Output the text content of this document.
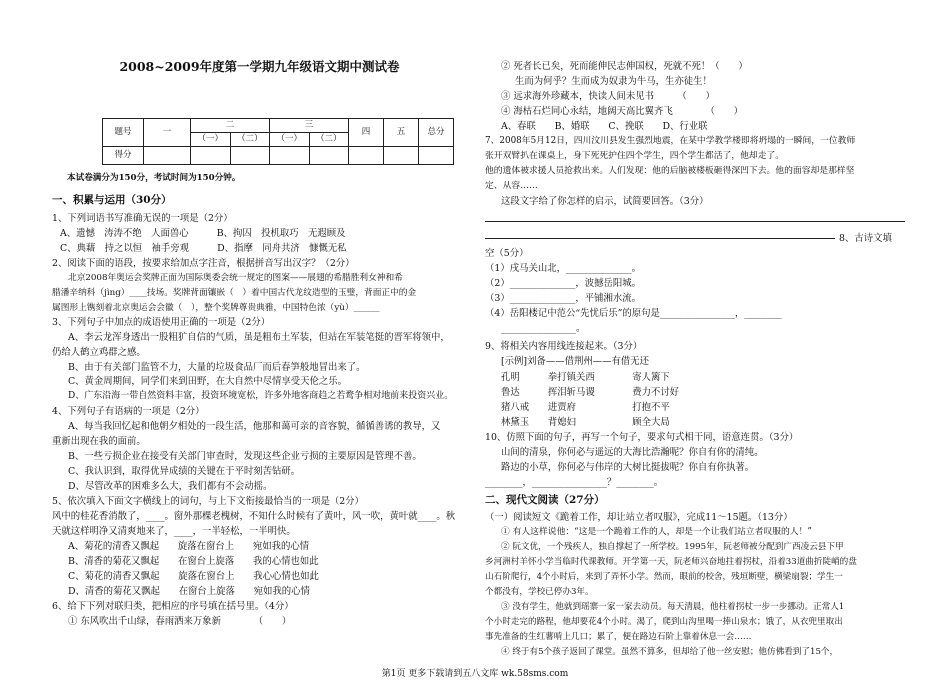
2008~2009年度第一学期九年级语文期中测试卷
题号	一	二		三		四	五	总分
		（一）	（二）	（一）	（二）			
得分								
本试卷满分为150分，考试时间为150分钟。
一、积累与运用（30分）
1、下列词语书写准确无误的一项是（2分）
A、遗憾　涛涛不绝　人面兽心　　　B、拘囚　投机取巧　无遐顾及
C、典藉　持之以恒　袖手旁观　　　D、指摩　同舟共济　慷慨无私
2、阅读下面的语段，按要求给加点字注音，根据拼音写出汉字？（2分）
北京2008年奥运会奖牌正面为国际奥委会统一规定的图案——展翅的希腊胜利女神和希
腊潘辛纳科（jìng）____技场。奖牌背面镶嵌（　）着中国古代龙纹造型的玉璧，背面正中的金
属图形上镌刻着北京奥运会会徽（　），整个奖牌尊贵典雅，中国特色浓（yù）______
3、下列句子中加点的成语使用正确的一项是（2分）
A、李云龙浑身透出一股粗犷自信的气质，虽是粗布土军装，但站在军装笔挺的晋军将领中，
仍给人鹤立鸡群之感。
B、由于有关部门监管不力，大量的垃圾食品厂而后春笋般地冒出来了。
C、黄金周期间，同学们来到田野，在大自然中尽情享受天伦之乐。
D、广东沿海一带自然资料丰富，投资环境宽松，许多外地客商趋之若鹜争相对地前来投资兴业。
4、下列句子有语病的一项是（2分）
A、每当我回忆起和他朝夕相处的一段生活，他那和蔼可亲的音容貌，循循善诱的教导，又
重新出现在我的面前。
B、一些亏损企业在接受有关部门审查时，发现这些企业亏损的主要原因是管理不善。
C、我认识到，取得优异成绩的关键在于平时刻苦钻研。
D、尽管改革的困难多么大，我们都有不会动摇。
5、依次填入下面文字横线上的词句，与上下文衔接最恰当的一项是（2分）
风中的桂花香消散了，____。窗外那棵老槐树，不知什么时候有了黄叶，风一吹，黄叶就____。秋
天就这样明净又清爽地来了，____，一半轻松，一半明快。
A、菊花的清香又飘起　　旋落在窗台上　　宛如我的心情
B、清香的菊花又飘起　　在窗台上旋落　　我的心情也如此
C、菊花的清香又飘起　　旋落在窗台上　　我心心情也如此
D、清香的菊花又飘起　　在窗台上旋落　　宛如我的心情
6、给下下列对联归类，把相应的序号填在括号里。（4分）
① 东风吹出千山绿，春雨洒来万象新　　　　（　　）
② 死者长已矣，死而能伸民志伸国权，死就不死！（　　）
生而为何乎？生而成为奴隶为牛马，生亦徒生！
③ 远求海外珍藏本，快读人间未见书　　　（　　）
④ 海枯石烂同心永结，地阔天高比翼齐飞　　　　（　　）
A、春联　　B、婚联　　C、挽联　　D、行业联
7、2008年5月12日，四川汶川县发生强烈地震，在某中学教学楼即将坍塌的一瞬间，一位教师
张开双臂扒在课桌上，身下死死护住四个学生，四个学生都活了，他却走了。
他的遗体被求援人员抢救出来。人们发现：他的后脑被楼板砸得深凹下去。他的面容却是那样坚
定、从容……
这段文字给了你怎样的启示，试简要回答。（3分）
8、古诗文填
空（5分）
（1）戌马关山北，______________。
（2）______________，波撼岳阳城。
（3）______________，平铺湘水流。
（4）岳阳楼记中范公“先忧后乐”的原句是________________，________
________________。
9、将相关内容用线连接起来。（3分）
[示例]刘备——借荆州——有借无还
孔明　　　拳打镇关西　　　　寄人篱下
鲁达　　　挥泪斩马谡　　　　费力不讨好
猪八戒　　进贾府　　　　　　打抱不平
林黛玉　　背媳妇　　　　　　顾全大局
10、仿照下面的句子，再写一个句子，要求句式相干同，语意连贯。（3分）
山间的清泉，你何必与遥远的大海比浩瀚呢？你自有你的清纯。
路边的小草，你何必与伟岸的大树比挺拔呢？你自有你执著。
________，________________？________。
二、现代文阅读（27分）
（一）阅读短文《跪着工作，却让站立者叹服》，完成11～15题。（13分）
① 有人这样说他：“这是一个跪着工作的人，却是一个让我们站立者叹服的人！”
② 阮文优，一个残疾人，独自撑起了一所学校。1995年，阮老师被分配到广西凌云县下甲
乡河洲村羊怀小学当临时代课教师。开学第一天，阮老师兴奋地拄着拐杖，沿着33道曲折陡峭的盘
山石阶爬行，4个小时后，来到了弄怀小学。然而，眼前的校舍，残垣断壁，横梁扇裂；学生一
个都没有，学校已停办3年。
③ 没有学生，他就到瑶寨一家一家去动员。每天清晨，他柱着拐杖一步一步挪动。正常人1
个小时走完的路程，他却要花4个小时。渴了，爬到山沟里喝一捧山泉水；饿了，从衣兜里取出
事先准备的生红薯啃上几口；累了，便在路边石阶上靠着休息一会……
④ 终于有5个孩子返回了课堂。虽然不算多，但却给了他一丝安慰；他仿佛看到了15个，
第1页 更多下载请到五八文库 wk.58sms.com
